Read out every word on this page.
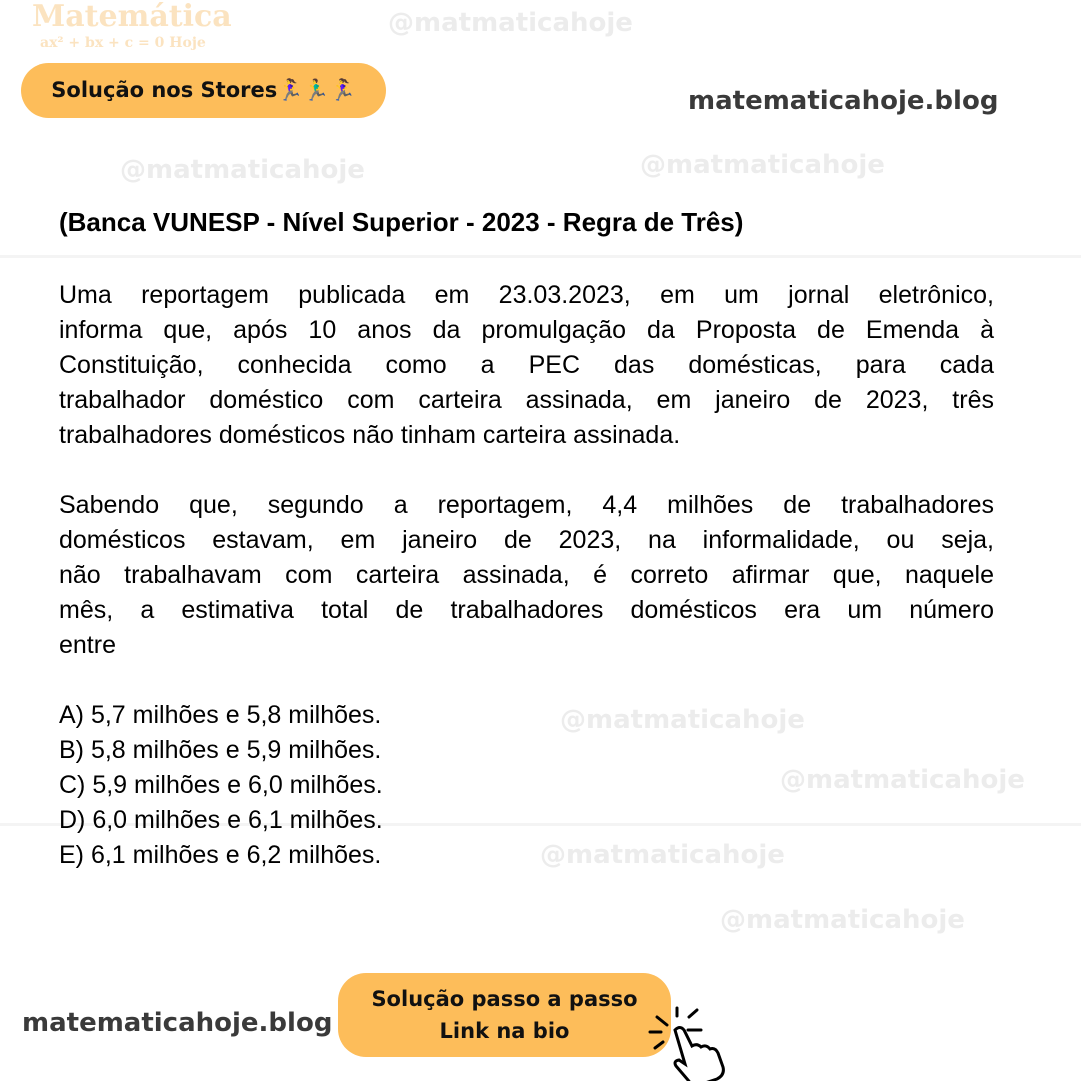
@matmaticahoje
@matmaticahoje	@matmaticahoje
@matmaticahoje
@matmaticahoje
@matmaticahoje
@matmaticahoje
Matemática
ax² + bx + c = 0 Hoje
Solução nos Stores🏃‍♀️🏃‍♂️🏃‍♀️	matematicahoje.blog
(Banca VUNESP - Nível Superior - 2023 - Regra de Três)
Uma reportagem publicada em 23.03.2023, em um jornal eletrônico,
informa que, após 10 anos da promulgação da Proposta de Emenda à
Constituição, conhecida como a PEC das domésticas, para cada
trabalhador doméstico com carteira assinada, em janeiro de 2023, três
trabalhadores domésticos não tinham carteira assinada.
Sabendo que, segundo a reportagem, 4,4 milhões de trabalhadores
domésticos estavam, em janeiro de 2023, na informalidade, ou seja,
não trabalhavam com carteira assinada, é correto afirmar que, naquele
mês, a estimativa total de trabalhadores domésticos era um número
entre
A) 5,7 milhões e 5,8 milhões.
B) 5,8 milhões e 5,9 milhões.
C) 5,9 milhões e 6,0 milhões.
D) 6,0 milhões e 6,1 milhões.
E) 6,1 milhões e 6,2 milhões.
matematicahoje.blog
Solução passo a passo
Link na bio
